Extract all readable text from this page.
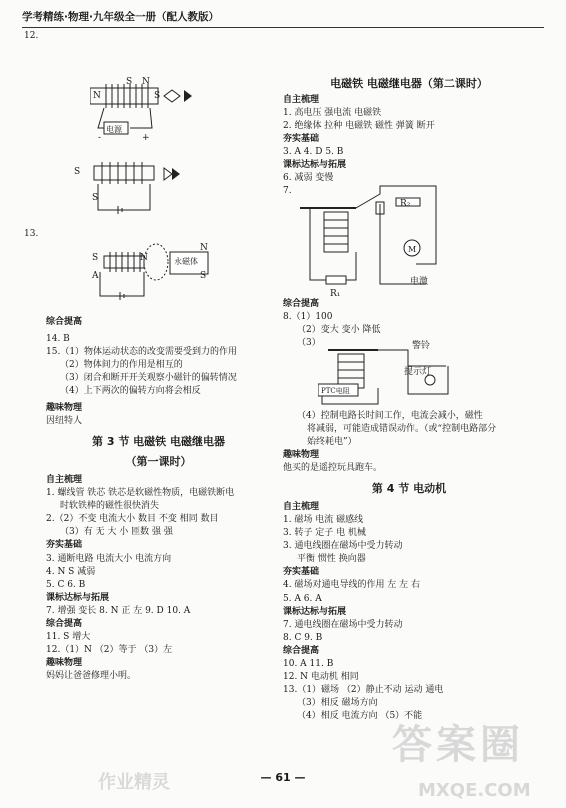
学考精练·物理·九年级全一册（配人教版）

12.

S N
N	S
电源
-	+
S
S

13.

S	N
A
N
S
永磁体

综合提高

14. B

15.（1）物体运动状态的改变需要受到力的作用

（2）物体间力的作用是相互的

（3）闭合和断开开关观察小磁针的偏转情况

（4）上下两次的偏转方向将会相反

趣味物理

因纽特人

第 3 节 电磁铁 电磁继电器

（第一课时）

自主梳理

1. 螺线管 铁芯 铁芯是软磁性物质，电磁铁断电

时软铁棒的磁性很快消失

2.（2）不变 电流大小 数目 不变 相同 数目

（3）有 无 大 小 匝数 强 强

夯实基础

3. 通断电路 电流大小 电流方向

4. N S 减弱

5. C 6. B

课标达标与拓展

7. 增强 变长 8. N 正 左 9. D 10. A

综合提高

11. S 增大

12.（1）N （2）等于 （3）左

趣味物理

妈妈让爸爸修理小明。

电磁铁 电磁继电器（第二课时）

自主梳理

1. 高电压 强电流 电磁铁

2. 绝缘体 拉种 电磁铁 磁性 弹簧 断开

夯实基础

3. A 4. D 5. B

课标达标与拓展

6. 减弱 变慢

7.

R₂
M
R₁
电激

综合提高

8.（1）100

（2）变大 变小 降低

（3）	警铃
PTC电阻
提示灯

（4）控制电路长时间工作，电流会减小，磁性

将减弱，可能造成错误动作。（或“控制电路部分

始终耗电”）

趣味物理

他买的是遥控玩具跑车。

第 4 节 电动机

自主梳理

1. 磁场 电流 磁感线

3. 转子 定子 电 机械

3. 通电线圈在磁场中受力转动

平衡 惯性 换向器

夯实基础

4. 磁场对通电导线的作用 左 左 右

5. A 6. A

课标达标与拓展

7. 通电线圈在磁场中受力转动

8. C 9. B

综合提高

10. A 11. B

12. N 电动机 相同

13.（1）磁场 （2）静止不动 运动 通电

（3）相反 磁场方向

（4）相反 电流方向 （5）不能

— 61 —
答案圈
MXQE.COM
作业精灵
